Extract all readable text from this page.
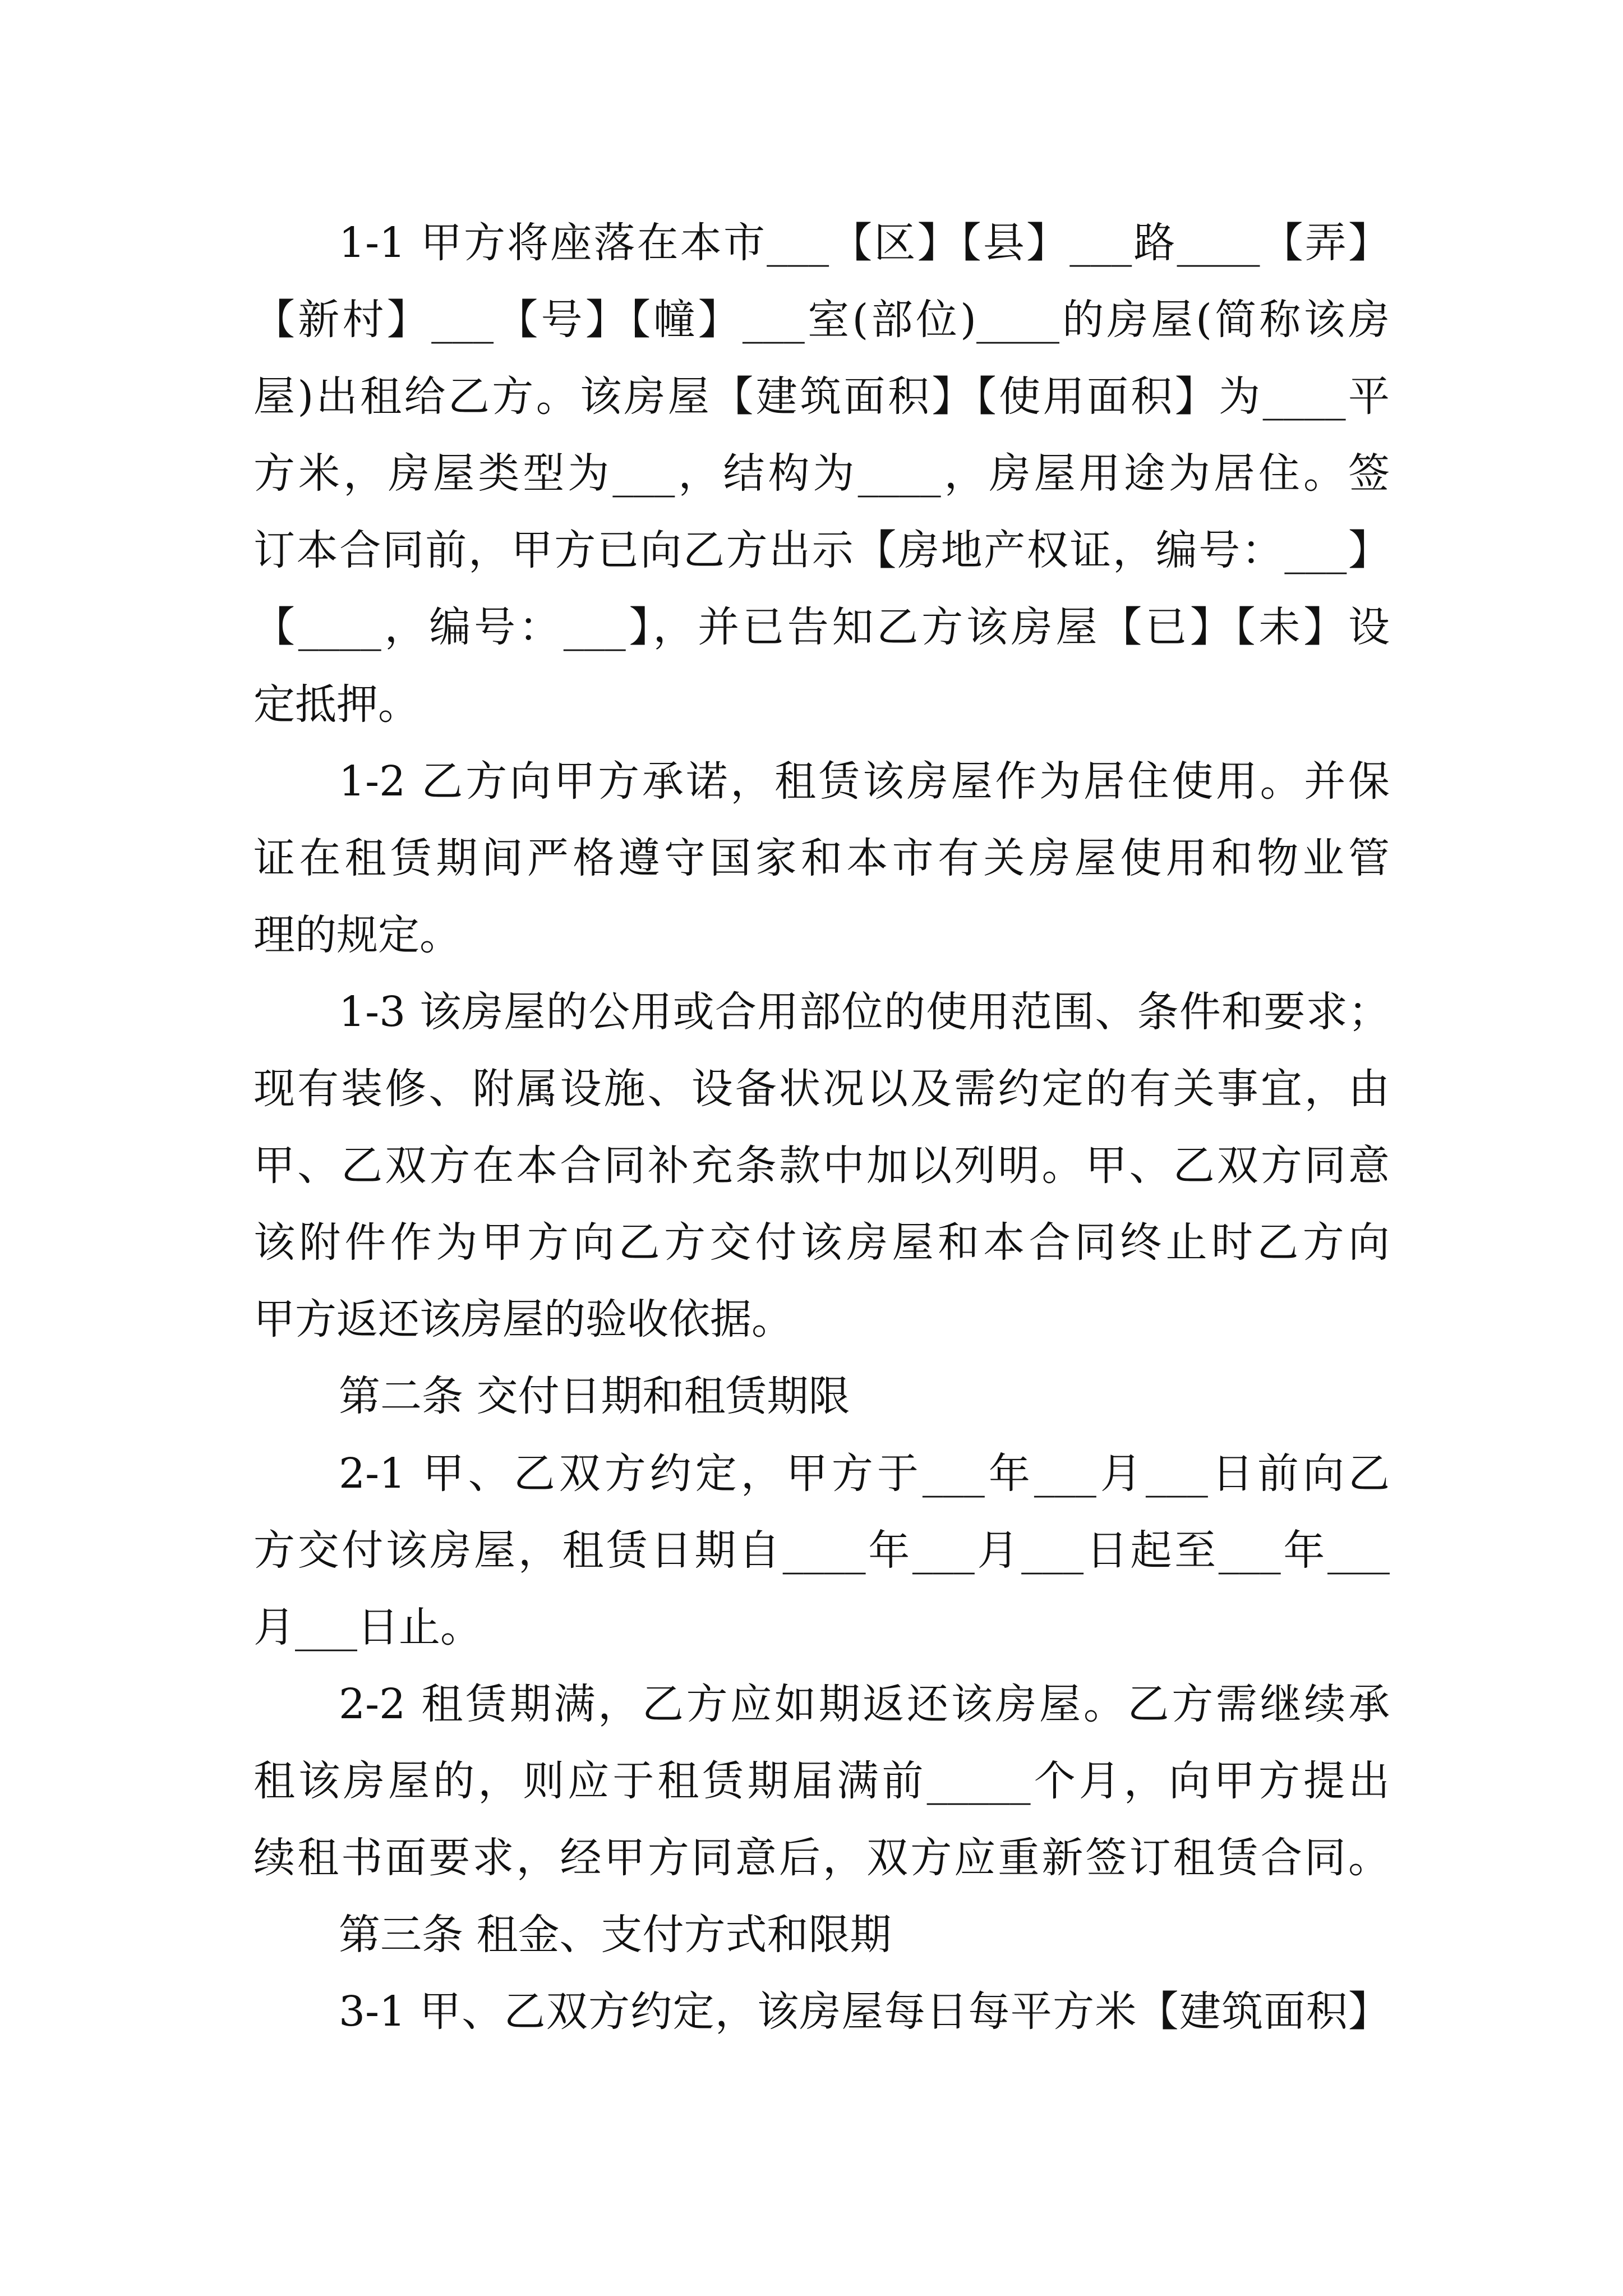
1-1 甲方将座落在本市___【区】【县】___路____【弄】
【新村】___【号】【幢】___室(部位)____的房屋(简称该房
屋)出租给乙方。该房屋【建筑面积】【使用面积】为____平
方米，房屋类型为___，结构为____，房屋用途为居住。签
订本合同前，甲方已向乙方出示【房地产权证，编号：___】
【____，编号：___】，并已告知乙方该房屋【已】【未】设
定抵押。
1-2 乙方向甲方承诺，租赁该房屋作为居住使用。并保
证在租赁期间严格遵守国家和本市有关房屋使用和物业管
理的规定。
1-3 该房屋的公用或合用部位的使用范围、条件和要求；
现有装修、附属设施、设备状况以及需约定的有关事宜，由
甲、乙双方在本合同补充条款中加以列明。甲、乙双方同意
该附件作为甲方向乙方交付该房屋和本合同终止时乙方向
甲方返还该房屋的验收依据。
第二条 交付日期和租赁期限
2-1 甲、乙双方约定，甲方于___年___月___日前向乙
方交付该房屋，租赁日期自____年___月___日起至___年___
月___日止。
2-2 租赁期满，乙方应如期返还该房屋。乙方需继续承
租该房屋的，则应于租赁期届满前_____个月，向甲方提出
续租书面要求，经甲方同意后，双方应重新签订租赁合同。
第三条 租金、支付方式和限期
3-1 甲、乙双方约定，该房屋每日每平方米【建筑面积】
